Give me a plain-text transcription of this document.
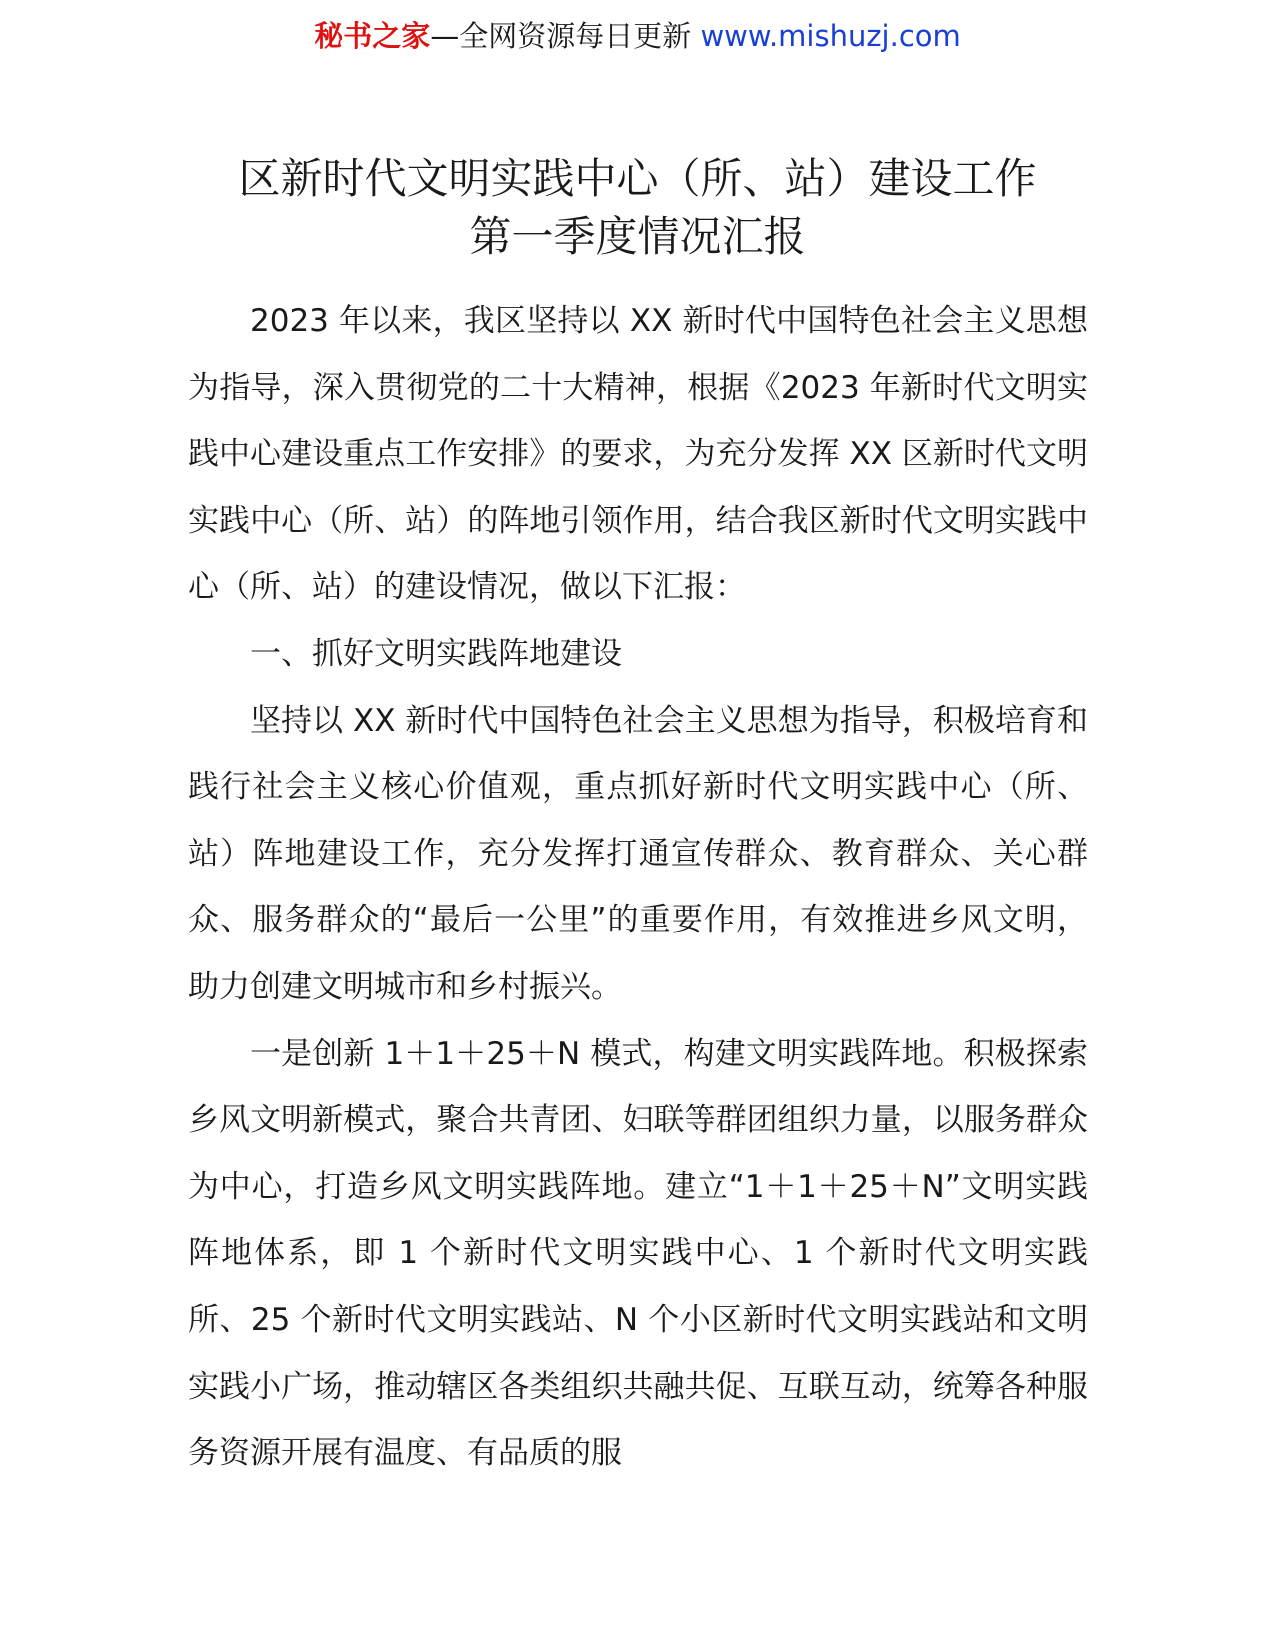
秘书之家—全网资源每日更新 www.mishuzj.com
区新时代文明实践中心（所、站）建设工作
第一季度情况汇报

2023 年以来，我区坚持以 XX 新时代中国特色社会主义思想为指导，深入贯彻党的二十大精神，根据《2023 年新时代文明实践中心建设重点工作安排》的要求，为充分发挥 XX 区新时代文明实践中心（所、站）的阵地引领作用，结合我区新时代文明实践中心（所、站）的建设情况，做以下汇报：

一、抓好文明实践阵地建设

坚持以 XX 新时代中国特色社会主义思想为指导，积极培育和践行社会主义核心价值观，重点抓好新时代文明实践中心（所、站）阵地建设工作，充分发挥打通宣传群众、教育群众、关心群众、服务群众的“最后一公里”的重要作用，有效推进乡风文明，助力创建文明城市和乡村振兴。

一是创新 1＋1＋25＋N 模式，构建文明实践阵地。积极探索乡风文明新模式，聚合共青团、妇联等群团组织力量，以服务群众为中心，打造乡风文明实践阵地。建立“1＋1＋25＋N”文明实践阵地体系，即 1 个新时代文明实践中心、1 个新时代文明实践所、25 个新时代文明实践站、N 个小区新时代文明实践站和文明实践小广场，推动辖区各类组织共融共促、互联互动，统筹各种服务资源开展有温度、有品质的服
